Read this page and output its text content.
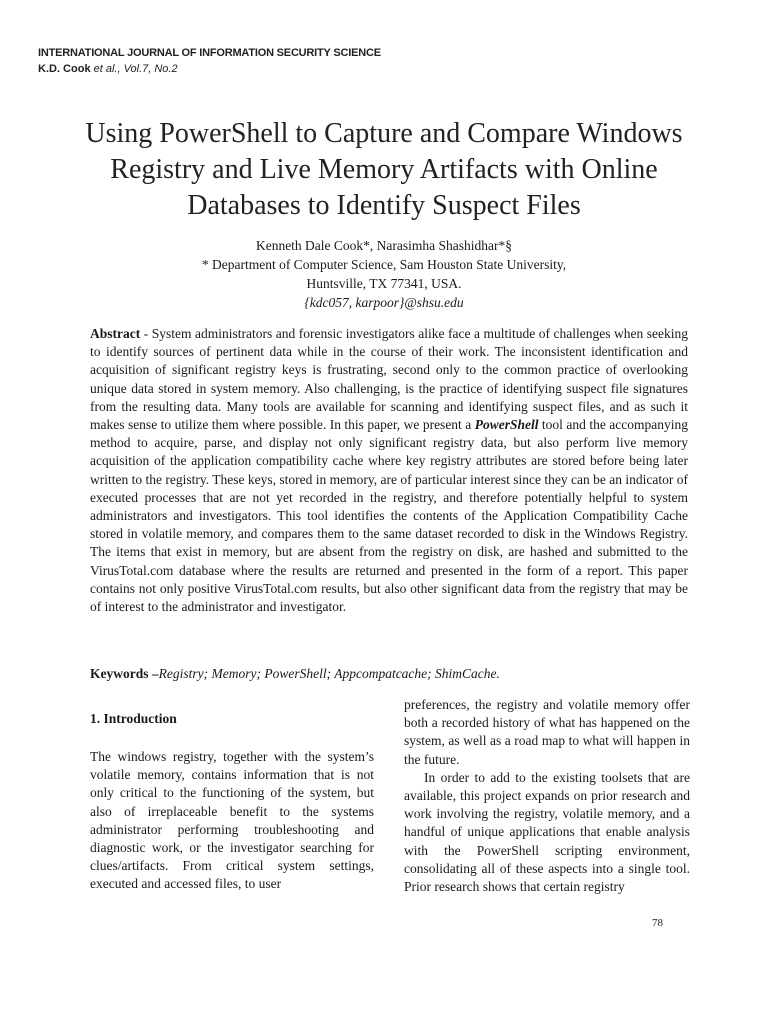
INTERNATIONAL JOURNAL OF INFORMATION SECURITY SCIENCE
K.D. Cook et al., Vol.7, No.2
Using PowerShell to Capture and Compare Windows Registry and Live Memory Artifacts with Online Databases to Identify Suspect Files
Kenneth Dale Cook*, Narasimha Shashidhar*§
* Department of Computer Science, Sam Houston State University,
Huntsville, TX 77341, USA.
{kdc057, karpoor}@shsu.edu
Abstract - System administrators and forensic investigators alike face a multitude of challenges when seeking to identify sources of pertinent data while in the course of their work. The inconsistent identification and acquisition of significant registry keys is frustrating, second only to the common practice of overlooking unique data stored in system memory. Also challenging, is the practice of identifying suspect file signatures from the resulting data. Many tools are available for scanning and identifying suspect files, and as such it makes sense to utilize them where possible. In this paper, we present a PowerShell tool and the accompanying method to acquire, parse, and display not only significant registry data, but also perform live memory acquisition of the application compatibility cache where key registry attributes are stored before being later written to the registry. These keys, stored in memory, are of particular interest since they can be an indicator of executed processes that are not yet recorded in the registry, and therefore potentially helpful to system administrators and investigators. This tool identifies the contents of the Application Compatibility Cache stored in volatile memory, and compares them to the same dataset recorded to disk in the Windows Registry. The items that exist in memory, but are absent from the registry on disk, are hashed and submitted to the VirusTotal.com database where the results are returned and presented in the form of a report. This paper contains not only positive VirusTotal.com results, but also other significant data from the registry that may be of interest to the administrator and investigator.
Keywords –Registry; Memory; PowerShell; Appcompatcache; ShimCache.
1. Introduction

The windows registry, together with the system’s volatile memory, contains information that is not only critical to the functioning of the system, but also of irreplaceable benefit to the systems administrator performing troubleshooting and diagnostic work, or the investigator searching for clues/artifacts. From critical system settings, executed and accessed files, to user

preferences, the registry and volatile memory offer both a recorded history of what has happened on the system, as well as a road map to what will happen in the future.

In order to add to the existing toolsets that are available, this project expands on prior research and work involving the registry, volatile memory, and a handful of unique applications that enable analysis with the PowerShell scripting environment, consolidating all of these aspects into a single tool. Prior research shows that certain registry

78
